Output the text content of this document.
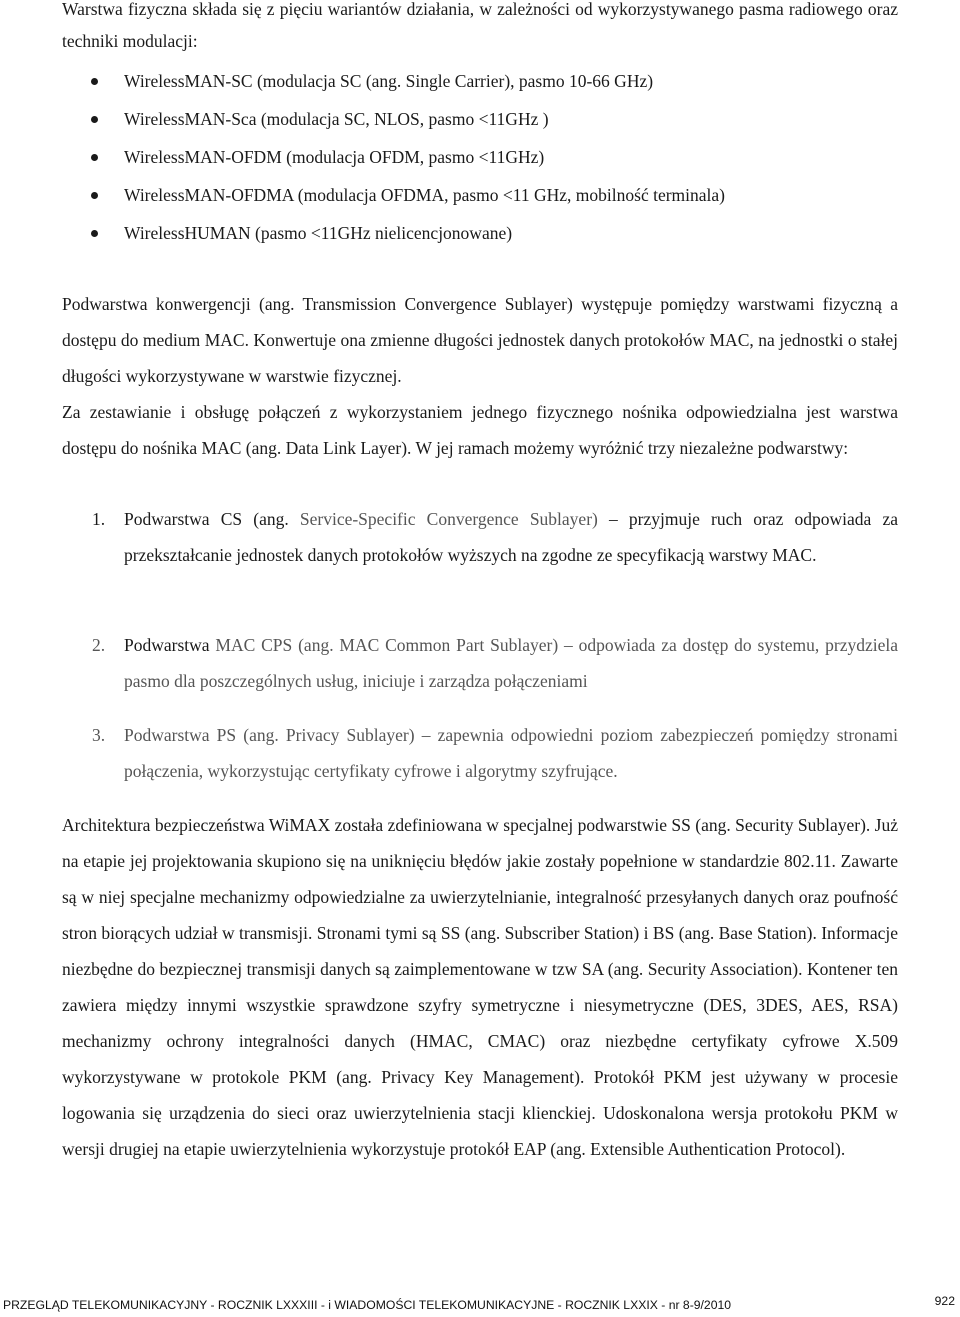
Warstwa fizyczna składa się z pięciu wariantów działania, w zależności od wykorzystywanego pasma radiowego oraz techniki modulacji:

WirelessMAN-SC (modulacja SC (ang. Single Carrier), pasmo 10-66 GHz)
WirelessMAN-Sca (modulacja SC, NLOS, pasmo <11GHz )
WirelessMAN-OFDM (modulacja OFDM, pasmo <11GHz)
WirelessMAN-OFDMA (modulacja OFDMA, pasmo <11 GHz, mobilność terminala)
WirelessHUMAN (pasmo <11GHz nielicencjonowane)

Podwarstwa konwergencji (ang. Transmission Convergence Sublayer) występuje pomiędzy warstwami fizyczną a dostępu do medium MAC. Konwertuje ona zmienne długości jednostek danych protokołów MAC, na jednostki o stałej długości wykorzystywane w warstwie fizycznej.

Za zestawianie i obsługę połączeń z wykorzystaniem jednego fizycznego nośnika odpowiedzialna jest warstwa dostępu do nośnika MAC (ang. Data Link Layer). W jej ramach możemy wyróżnić trzy niezależne podwarstwy:

1. Podwarstwa CS (ang. Service-Specific Convergence Sublayer) – przyjmuje ruch oraz odpowiada za przekształcanie jednostek danych protokołów wyższych na zgodne ze specyfikacją warstwy MAC.
2. Podwarstwa MAC CPS (ang. MAC Common Part Sublayer) – odpowiada za dostęp do systemu, przydziela pasmo dla poszczególnych usług, iniciuje i zarządza połączeniami
3. Podwarstwa PS (ang. Privacy Sublayer) – zapewnia odpowiedni poziom zabezpieczeń pomiędzy stronami połączenia, wykorzystując certyfikaty cyfrowe i algorytmy szyfrujące.

Architektura bezpieczeństwa WiMAX została zdefiniowana w specjalnej podwarstwie SS (ang. Security Sublayer). Już na etapie jej projektowania skupiono się na uniknięciu błędów jakie zostały popełnione w standardzie 802.11. Zawarte są w niej specjalne mechanizmy odpowiedzialne za uwierzytelnianie, integralność przesyłanych danych oraz poufność stron biorących udział w transmisji. Stronami tymi są SS (ang. Subscriber Station) i BS (ang. Base Station). Informacje niezbędne do bezpiecznej transmisji danych są zaimplementowane w tzw SA (ang. Security Association). Kontener ten zawiera między innymi wszystkie sprawdzone szyfry symetryczne i niesymetryczne (DES, 3DES, AES, RSA) mechanizmy ochrony integralności danych (HMAC, CMAC) oraz niezbędne certyfikaty cyfrowe X.509 wykorzystywane w protokole PKM (ang. Privacy Key Management). Protokół PKM jest używany w procesie logowania się urządzenia do sieci oraz uwierzytelnienia stacji klienckiej. Udoskonalona wersja protokołu PKM w wersji drugiej na etapie uwierzytelnienia wykorzystuje protokół EAP (ang. Extensible Authentication Protocol).

PRZEGLĄD TELEKOMUNIKACYJNY - ROCZNIK LXXXIII - i WIADOMOŚCI TELEKOMUNIKACYJNE - ROCZNIK LXXIX - nr 8-9/2010	922
